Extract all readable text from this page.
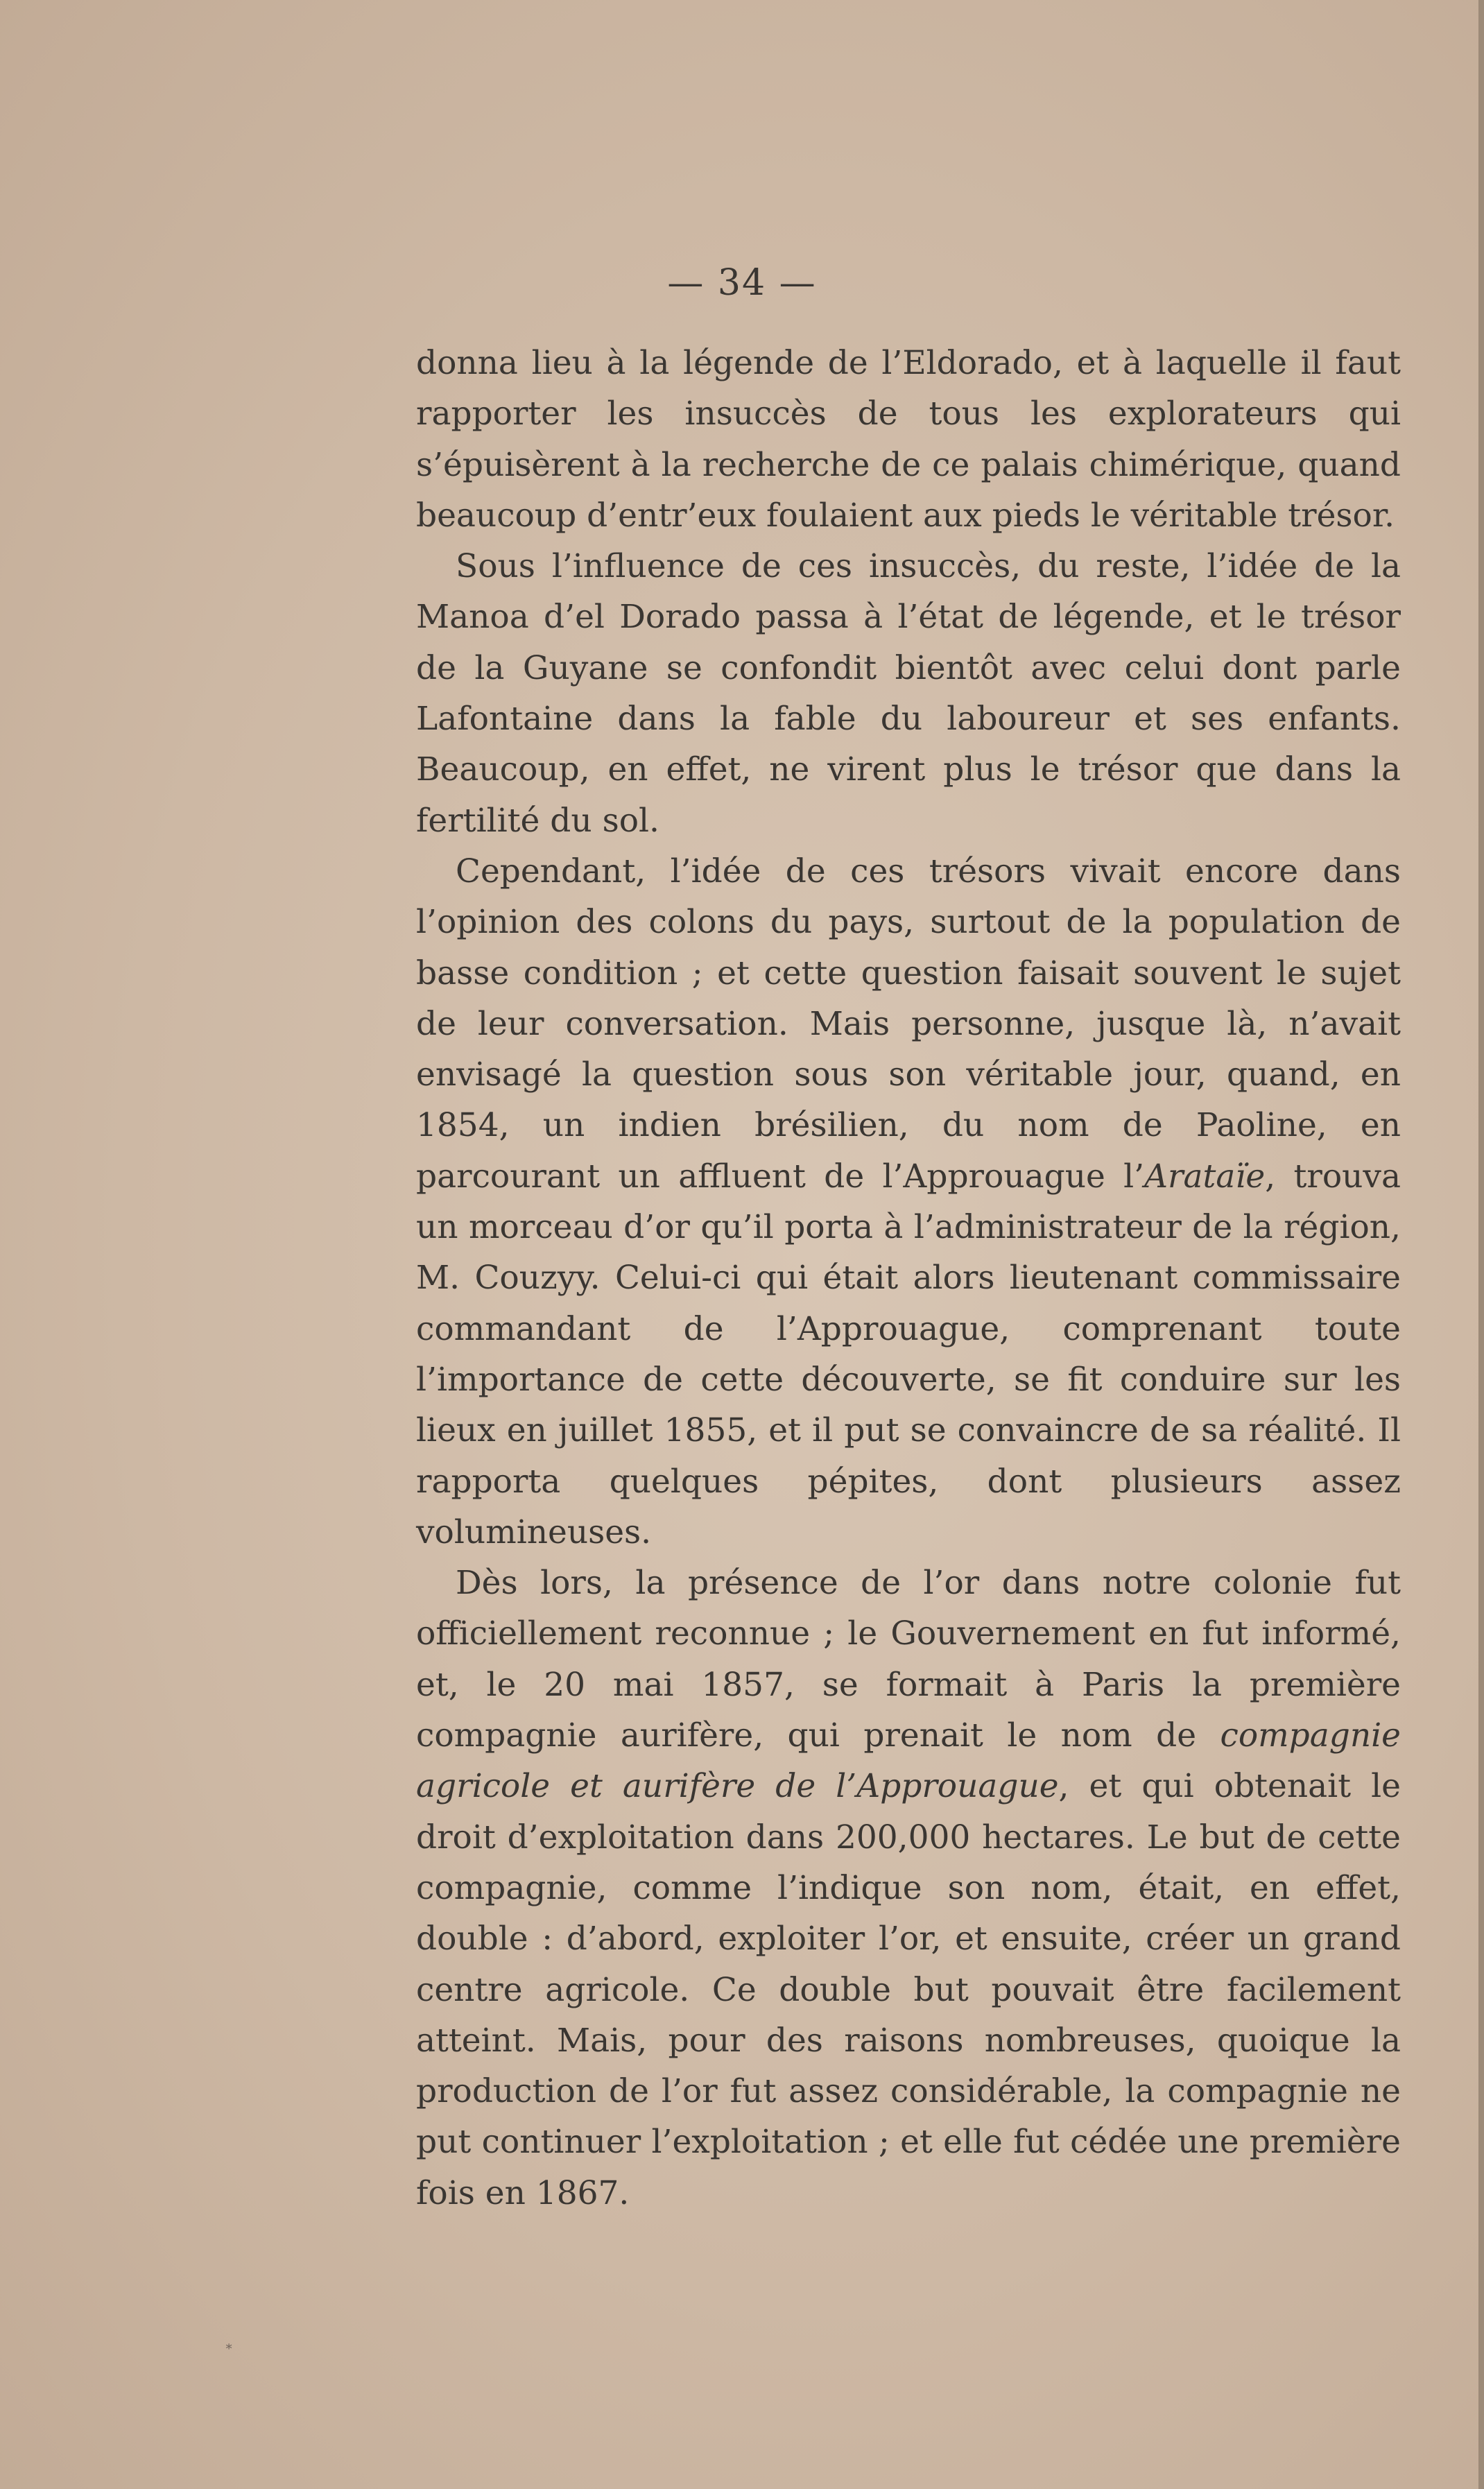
— 34 —

donna lieu à la légende de l’Eldorado, et à laquelle il faut rapporter les insuccès de tous les explorateurs qui s’épuisèrent à la recherche de ce palais chimérique, quand beaucoup d’entr’eux foulaient aux pieds le véritable trésor.

Sous l’influence de ces insuccès, du reste, l’idée de la Manoa d’el Dorado passa à l’état de légende, et le trésor de la Guyane se confondit bientôt avec celui dont parle Lafontaine dans la fable du laboureur et ses enfants. Beaucoup, en effet, ne virent plus le trésor que dans la fertilité du sol.

Cependant, l’idée de ces trésors vivait encore dans l’opinion des colons du pays, surtout de la population de basse condition ; et cette question faisait souvent le sujet de leur conversation. Mais personne, jusque là, n’avait envisagé la question sous son véritable jour, quand, en 1854, un indien brésilien, du nom de Paoline, en parcourant un affluent de l’Approuague l’Arataïe, trouva un morceau d’or qu’il porta à l’administrateur de la région, M. Couzyy. Celui-ci qui était alors lieutenant commissaire commandant de l’Approuague, comprenant toute l’importance de cette découverte, se fit conduire sur les lieux en juillet 1855, et il put se convaincre de sa réalité. Il rapporta quelques pépites, dont plusieurs assez volumineuses.

Dès lors, la présence de l’or dans notre colonie fut officiellement reconnue ; le Gouvernement en fut informé, et, le 20 mai 1857, se formait à Paris la première compagnie aurifère, qui prenait le nom de compagnie agricole et aurifère de l’Approuague, et qui obtenait le droit d’exploitation dans 200,000 hectares. Le but de cette compagnie, comme l’indique son nom, était, en effet, double : d’abord, exploiter l’or, et ensuite, créer un grand centre agricole. Ce double but pouvait être facilement atteint. Mais, pour des raisons nombreuses, quoique la production de l’or fut assez considérable, la compagnie ne put continuer l’exploitation ; et elle fut cédée une première fois en 1867.

∗
